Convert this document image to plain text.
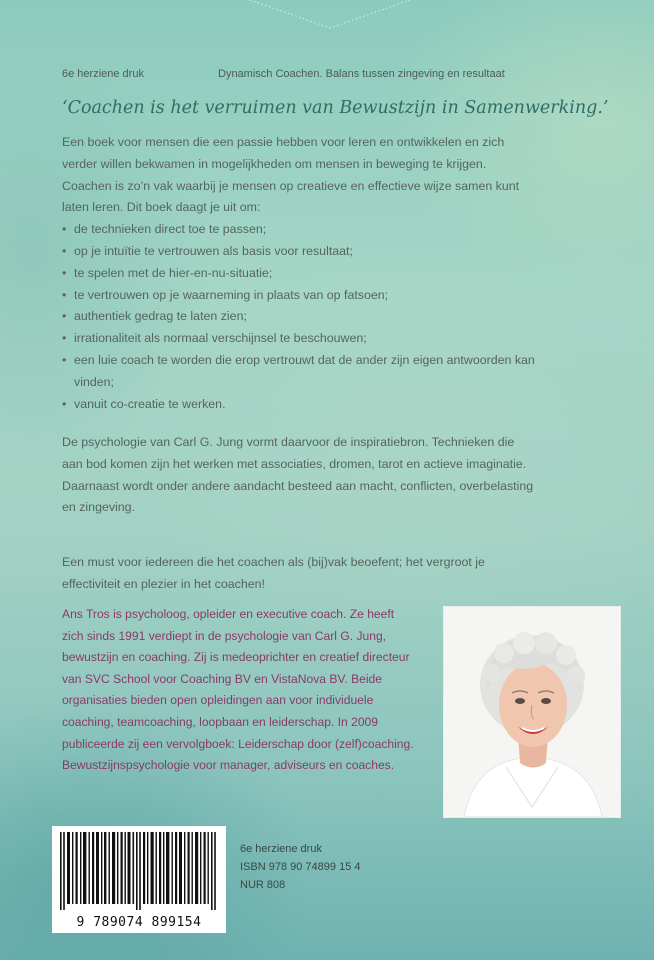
6e herziene druk	Dynamisch Coachen. Balans tussen zingeving en resultaat
‘Coachen is het verruimen van Bewustzijn in Samenwerking.’

Een boek voor mensen die een passie hebben voor leren en ontwikkelen en zich

verder willen bekwamen in mogelijkheden om mensen in beweging te krijgen.

Coachen is zo’n vak waarbij je mensen op creatieve en effectieve wijze samen kunt

laten leren. Dit boek daagt je uit om:

• de technieken direct toe te passen;
• op je intuïtie te vertrouwen als basis voor resultaat;
• te spelen met de hier-en-nu-situatie;
• te vertrouwen op je waarneming in plaats van op fatsoen;
• authentiek gedrag te laten zien;
• irrationaliteit als normaal verschijnsel te beschouwen;
• een luie coach te worden die erop vertrouwt dat de ander zijn eigen antwoorden kan vinden;
• vanuit co-creatie te werken.
De psychologie van Carl G. Jung vormt daarvoor de inspiratiebron. Technieken die
aan bod komen zijn het werken met associaties, dromen, tarot en actieve imaginatie.
Daarnaast wordt onder andere aandacht besteed aan macht, conflicten, overbelasting
en zingeving.
Een must voor iedereen die het coachen als (bij)vak beoefent; het vergroot je
effectiviteit en plezier in het coachen!
Ans Tros is psycholoog, opleider en executive coach. Ze heeft
zich sinds 1991 verdiept in de psychologie van Carl G. Jung,
bewustzijn en coaching. Zij is medeoprichter en creatief directeur
van SVC School voor Coaching BV en VistaNova BV. Beide
organisaties bieden open opleidingen aan voor individuele
coaching, teamcoaching, loopbaan en leiderschap. In 2009
publiceerde zij een vervolgboek: Leiderschap door (zelf)coaching.
Bewustzijnspsychologie voor manager, adviseurs en coaches.
9 789074 899154
6e herziene druk
ISBN 978 90 74899 15 4
NUR 808
